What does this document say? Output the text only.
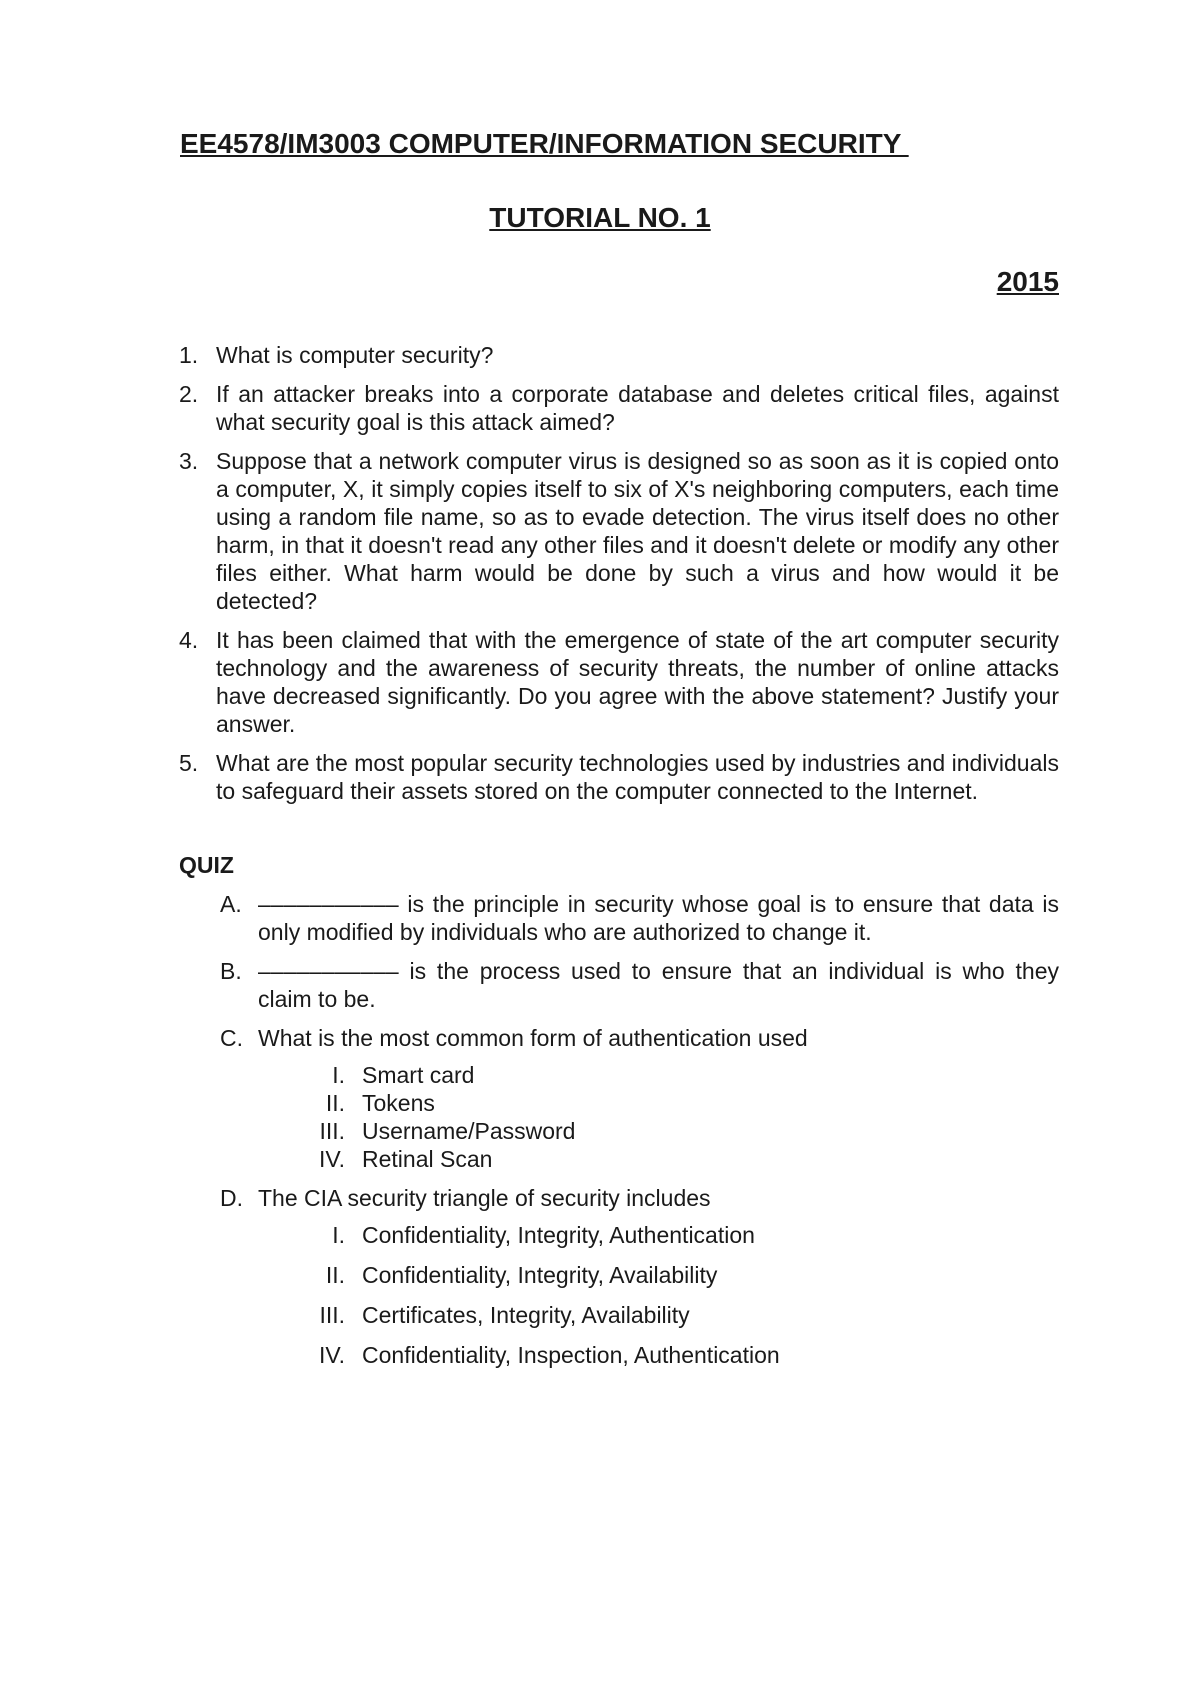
EE4578/IM3003 COMPUTER/INFORMATION SECURITY
TUTORIAL NO. 1
2015
1. What is computer security?
2. If an attacker breaks into a corporate database and deletes critical files, against what security goal is this attack aimed?
3. Suppose that a network computer virus is designed so as soon as it is copied onto a computer, X, it simply copies itself to six of X's neighboring computers, each time using a random file name, so as to evade detection. The virus itself does no other harm, in that it doesn't read any other files and it doesn't delete or modify any other files either. What harm would be done by such a virus and how would it be detected?
4. It has been claimed that with the emergence of state of the art computer security technology and the awareness of security threats, the number of online attacks have decreased significantly. Do you agree with the above statement? Justify your answer.
5. What are the most popular security technologies used by industries and individuals to safeguard their assets stored on the computer connected to the Internet.
QUIZ
A. ––––––––––– is the principle in security whose goal is to ensure that data is only modified by individuals who are authorized to change it.
B. ––––––––––– is the process used to ensure that an individual is who they claim to be.
C. What is the most common form of authentication used
I. Smart card
II. Tokens
III. Username/Password
IV. Retinal Scan
D. The CIA security triangle of security includes
I. Confidentiality, Integrity, Authentication
II. Confidentiality, Integrity, Availability
III. Certificates, Integrity, Availability
IV. Confidentiality, Inspection, Authentication
